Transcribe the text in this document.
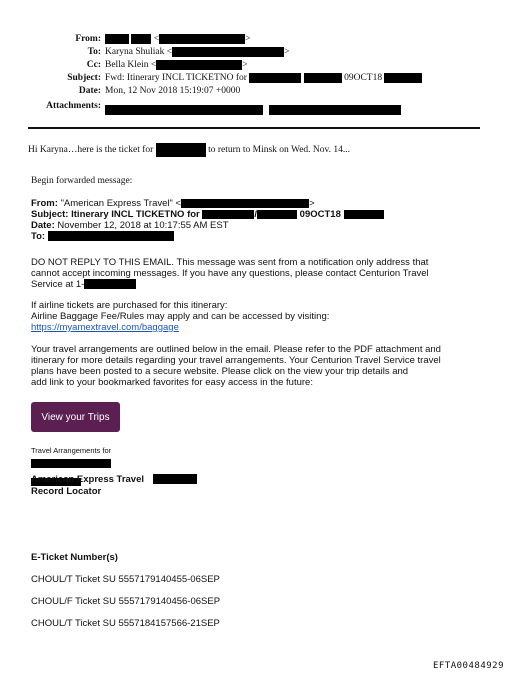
From:	<	>
To: Karyna Shuliak <	>
Cc: Bella Klein <	>
Subject: Fwd: Itinerary INCL TICKETNO for	09OCT18
Date: Mon, 12 Nov 2018 15:19:07 +0000
Attachments:

Hi Karyna…here is the ticket for	to return to Minsk on Wed. Nov. 14...
Begin forwarded message:
From: "American Express Travel" <	>
Subject: Itinerary INCL TICKETNO for	/	09OCT18
Date: November 12, 2018 at 10:17:55 AM EST
To:
DO NOT REPLY TO THIS EMAIL. This message was sent from a notification only address that
cannot accept incoming messages. If you have any questions, please contact Centurion Travel
Service at 1-
If airline tickets are purchased for this itinerary:
Airline Baggage Fee/Rules may apply and can be accessed by visiting:
https://myamextravel.com/baggage
Your travel arrangements are outlined below in the email. Please refer to the PDF attachment and
itinerary for more details regarding your travel arrangements. Your Centurion Travel Service travel
plans have been posted to a secure website. Please click on the view your trip details and
add link to your bookmarked favorites for easy access in the future:
View your Trips
Travel Arrangements for

American Express Travel
Record Locator
E-Ticket Number(s)
CHOUL/T Ticket SU 5557179140455-06SEP
CHOUL/F Ticket SU 5557179140456-06SEP
CHOUL/T Ticket SU 5557184157566-21SEP
EFTA00484929
